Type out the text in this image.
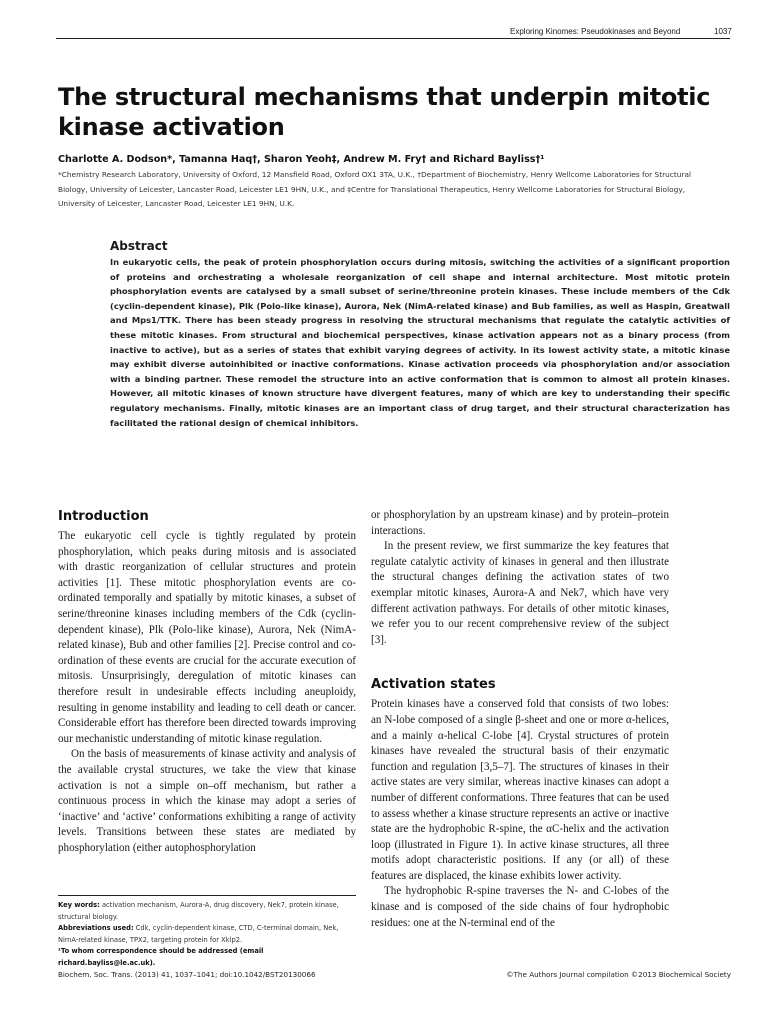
Exploring Kinomes: Pseudokinases and Beyond	1037
The structural mechanisms that underpin mitotic kinase activation
Charlotte A. Dodson*, Tamanna Haq†, Sharon Yeoh‡, Andrew M. Fry† and Richard Bayliss†¹
*Chemistry Research Laboratory, University of Oxford, 12 Mansfield Road, Oxford OX1 3TA, U.K., †Department of Biochemistry, Henry Wellcome Laboratories for Structural Biology, University of Leicester, Lancaster Road, Leicester LE1 9HN, U.K., and ‡Centre for Translational Therapeutics, Henry Wellcome Laboratories for Structural Biology, University of Leicester, Lancaster Road, Leicester LE1 9HN, U.K.
Abstract

In eukaryotic cells, the peak of protein phosphorylation occurs during mitosis, switching the activities of a significant proportion of proteins and orchestrating a wholesale reorganization of cell shape and internal architecture. Most mitotic protein phosphorylation events are catalysed by a small subset of serine/threonine protein kinases. These include members of the Cdk (cyclin-dependent kinase), Plk (Polo-like kinase), Aurora, Nek (NimA-related kinase) and Bub families, as well as Haspin, Greatwall and Mps1/TTK. There has been steady progress in resolving the structural mechanisms that regulate the catalytic activities of these mitotic kinases. From structural and biochemical perspectives, kinase activation appears not as a binary process (from inactive to active), but as a series of states that exhibit varying degrees of activity. In its lowest activity state, a mitotic kinase may exhibit diverse autoinhibited or inactive conformations. Kinase activation proceeds via phosphorylation and/or association with a binding partner. These remodel the structure into an active conformation that is common to almost all protein kinases. However, all mitotic kinases of known structure have divergent features, many of which are key to understanding their specific regulatory mechanisms. Finally, mitotic kinases are an important class of drug target, and their structural characterization has facilitated the rational design of chemical inhibitors.

Introduction

The eukaryotic cell cycle is tightly regulated by protein phosphorylation, which peaks during mitosis and is associated with drastic reorganization of cellular structures and protein activities [1]. These mitotic phosphorylation events are co-ordinated temporally and spatially by mitotic kinases, a subset of serine/threonine kinases including members of the Cdk (cyclin-dependent kinase), Plk (Polo-like kinase), Aurora, Nek (NimA-related kinase), Bub and other families [2]. Precise control and co-ordination of these events are crucial for the accurate execution of mitosis. Unsurprisingly, deregulation of mitotic kinases can therefore result in undesirable effects including aneuploidy, resulting in genome instability and leading to cell death or cancer. Considerable effort has therefore been directed towards improving our mechanistic understanding of mitotic kinase regulation.

On the basis of measurements of kinase activity and analysis of the available crystal structures, we take the view that kinase activation is not a simple on–off mechanism, but rather a continuous process in which the kinase may adopt a series of ‘inactive’ and ‘active’ conformations exhibiting a range of activity levels. Transitions between these states are mediated by phosphorylation (either autophosphorylation

or phosphorylation by an upstream kinase) and by protein–protein interactions.

In the present review, we first summarize the key features that regulate catalytic activity of kinases in general and then illustrate the structural changes defining the activation states of two exemplar mitotic kinases, Aurora-A and Nek7, which have very different activation pathways. For details of other mitotic kinases, we refer you to our recent comprehensive review of the subject [3].

Activation states

Protein kinases have a conserved fold that consists of two lobes: an N-lobe composed of a single β-sheet and one or more α-helices, and a mainly α-helical C-lobe [4]. Crystal structures of protein kinases have revealed the structural basis of their enzymatic function and regulation [3,5–7]. The structures of kinases in their active states are very similar, whereas inactive kinases can adopt a number of different conformations. Three features that can be used to assess whether a kinase structure represents an active or inactive state are the hydrophobic R-spine, the αC-helix and the activation loop (illustrated in Figure 1). In active kinase structures, all three motifs adopt characteristic positions. If any (or all) of these features are displaced, the kinase exhibits lower activity.

The hydrophobic R-spine traverses the N- and C-lobes of the kinase and is composed of the side chains of four hydrophobic residues: one at the N-terminal end of the

Key words: activation mechanism, Aurora-A, drug discovery, Nek7, protein kinase, structural biology.

Abbreviations used: Cdk, cyclin-dependent kinase, CTD, C-terminal domain, Nek, NimA-related kinase, TPX2, targeting protein for Xklp2.

¹To whom correspondence should be addressed (email richard.bayliss@le.ac.uk).

Biochem. Soc. Trans. (2013) 41, 1037–1041; doi:10.1042/BST20130066	©The Authors Journal compilation ©2013 Biochemical Society
